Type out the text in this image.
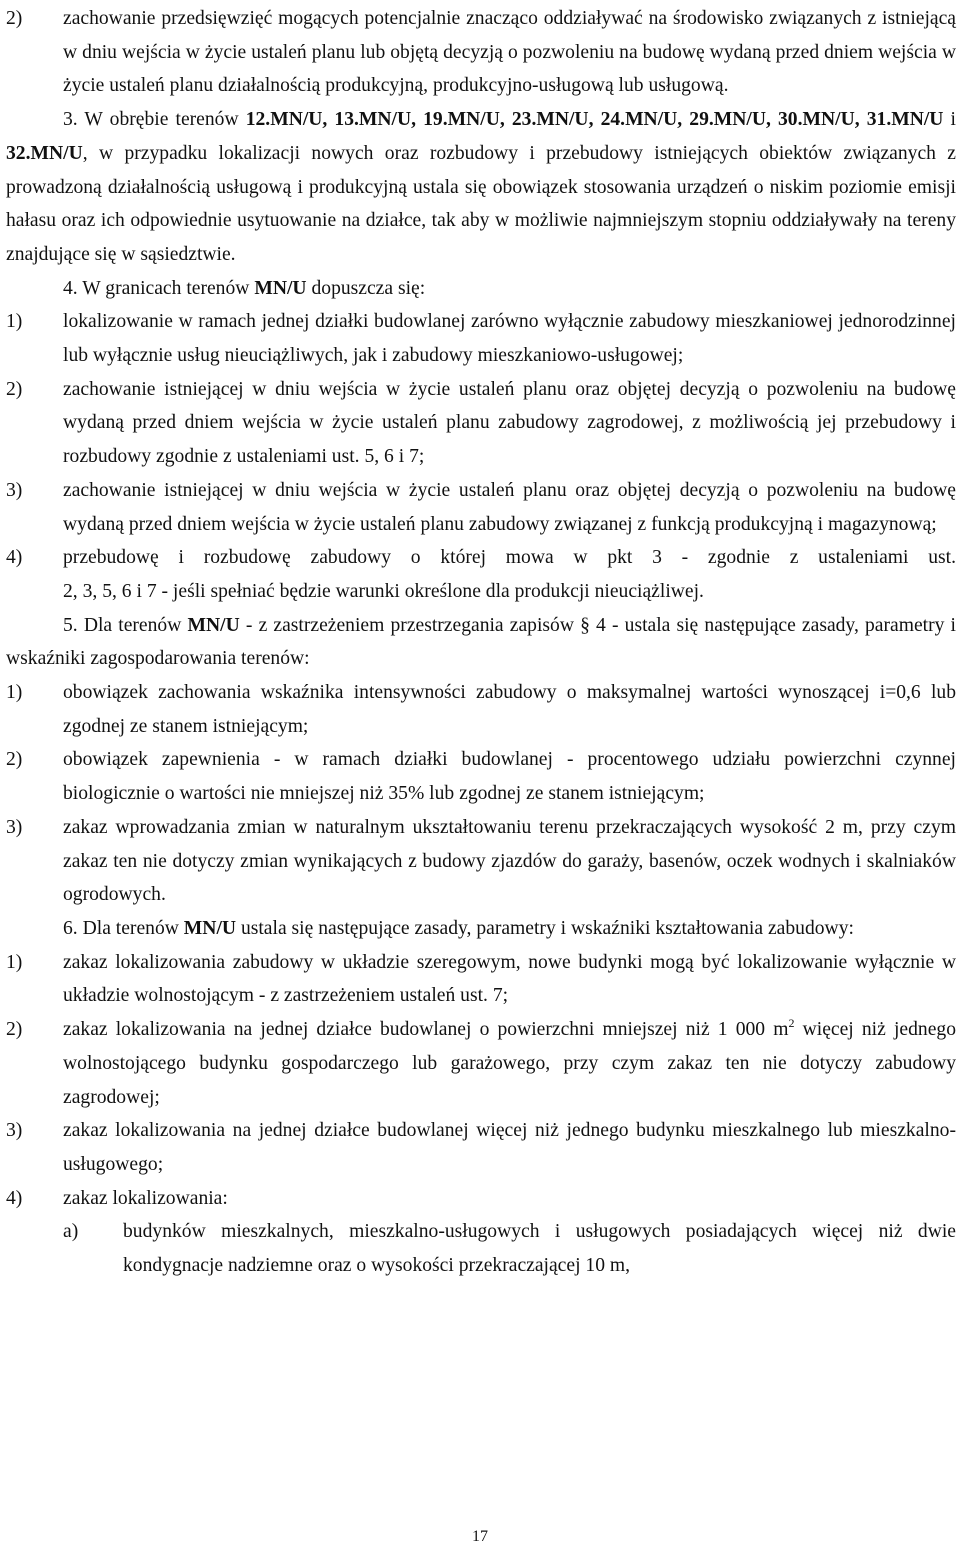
2) zachowanie przedsięwzięć mogących potencjalnie znacząco oddziaływać na środowisko związanych z istniejącą w dniu wejścia w życie ustaleń planu lub objętą decyzją o pozwoleniu na budowę wydaną przed dniem wejścia w życie ustaleń planu działalnością produkcyjną, produkcyjno-usługową lub usługową.

3. W obrębie terenów 12.MN/U, 13.MN/U, 19.MN/U, 23.MN/U, 24.MN/U, 29.MN/U, 30.MN/U, 31.MN/U i 32.MN/U, w przypadku lokalizacji nowych oraz rozbudowy i przebudowy istniejących obiektów związanych z prowadzoną działalnością usługową i produkcyjną ustala się obowiązek stosowania urządzeń o niskim poziomie emisji hałasu oraz ich odpowiednie usytuowanie na działce, tak aby w możliwie najmniejszym stopniu oddziaływały na tereny znajdujące się w sąsiedztwie.

4. W granicach terenów MN/U dopuszcza się:

1) lokalizowanie w ramach jednej działki budowlanej zarówno wyłącznie zabudowy mieszkaniowej jednorodzinnej lub wyłącznie usług nieuciążliwych, jak i zabudowy mieszkaniowo-usługowej;

2) zachowanie istniejącej w dniu wejścia w życie ustaleń planu oraz objętej decyzją o pozwoleniu na budowę wydaną przed dniem wejścia w życie ustaleń planu zabudowy zagrodowej, z możliwością jej przebudowy i rozbudowy zgodnie z ustaleniami ust. 5, 6 i 7;

3) zachowanie istniejącej w dniu wejścia w życie ustaleń planu oraz objętej decyzją o pozwoleniu na budowę wydaną przed dniem wejścia w życie ustaleń planu zabudowy związanej z funkcją produkcyjną i magazynową;

4) przebudowę i rozbudowę zabudowy o której mowa w pkt 3 - zgodnie z ustaleniami ust.
2, 3, 5, 6 i 7 - jeśli spełniać będzie warunki określone dla produkcji nieuciążliwej.

5. Dla terenów MN/U - z zastrzeżeniem przestrzegania zapisów § 4 - ustala się następujące zasady, parametry i wskaźniki zagospodarowania terenów:

1) obowiązek zachowania wskaźnika intensywności zabudowy o maksymalnej wartości wynoszącej i=0,6 lub zgodnej ze stanem istniejącym;

2) obowiązek zapewnienia - w ramach działki budowlanej - procentowego udziału powierzchni czynnej biologicznie o wartości nie mniejszej niż 35% lub zgodnej ze stanem istniejącym;

3) zakaz wprowadzania zmian w naturalnym ukształtowaniu terenu przekraczających wysokość 2 m, przy czym zakaz ten nie dotyczy zmian wynikających z budowy zjazdów do garaży, basenów, oczek wodnych i skalniaków ogrodowych.

6. Dla terenów MN/U ustala się następujące zasady, parametry i wskaźniki kształtowania zabudowy:

1) zakaz lokalizowania zabudowy w układzie szeregowym, nowe budynki mogą być lokalizowanie wyłącznie w układzie wolnostojącym - z zastrzeżeniem ustaleń ust. 7;

2) zakaz lokalizowania na jednej działce budowlanej o powierzchni mniejszej niż 1 000 $m^2$ więcej niż jednego wolnostojącego budynku gospodarczego lub garażowego, przy czym zakaz ten nie dotyczy zabudowy zagrodowej;

3) zakaz lokalizowania na jednej działce budowlanej więcej niż jednego budynku mieszkalnego lub mieszkalno-usługowego;

4) zakaz lokalizowania:

a) budynków mieszkalnych, mieszkalno-usługowych i usługowych posiadających więcej niż dwie kondygnacje nadziemne oraz o wysokości przekraczającej 10 m,

17
